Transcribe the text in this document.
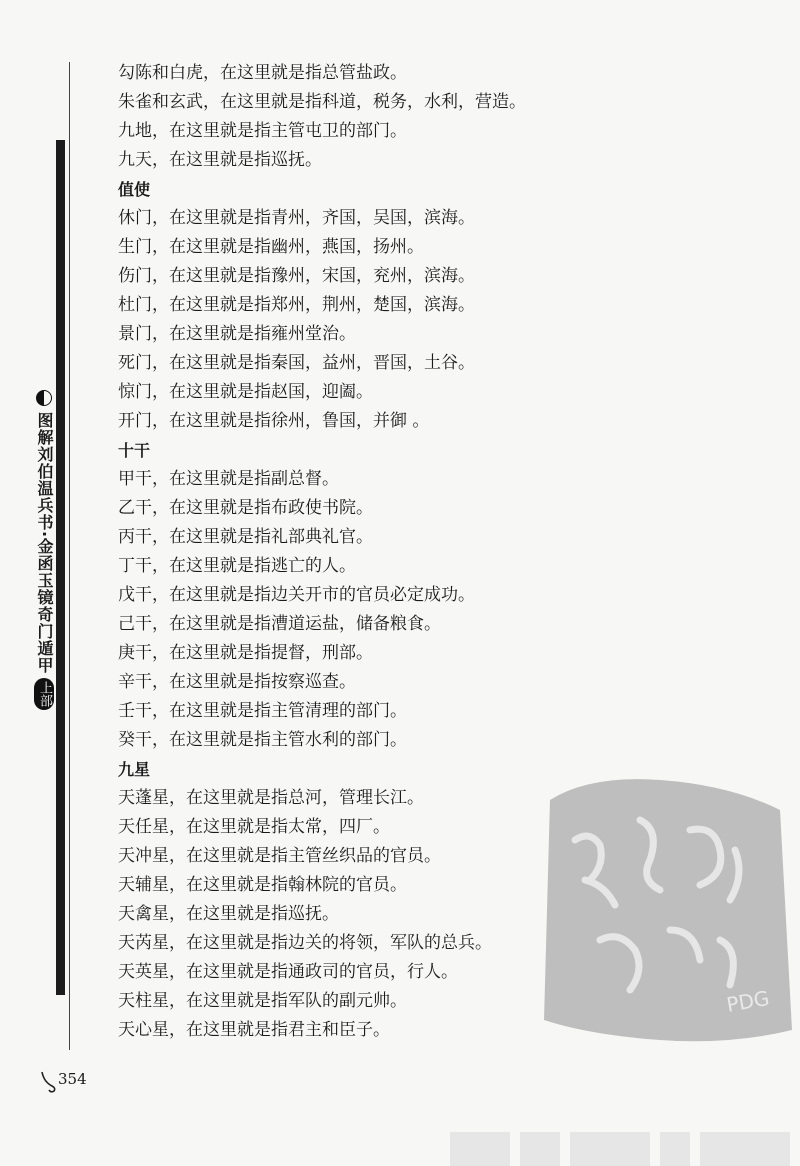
图解刘伯温兵书·金函玉镜奇门遁甲
上部
勾陈和白虎，在这里就是指总管盐政。
朱雀和玄武，在这里就是指科道，税务，水利，营造。
九地，在这里就是指主管屯卫的部门。
九天，在这里就是指巡抚。
值使
休门，在这里就是指青州，齐国，吴国，滨海。
生门，在这里就是指幽州，燕国，扬州。
伤门，在这里就是指豫州，宋国，兖州，滨海。
杜门，在这里就是指郑州，荆州，楚国，滨海。
景门，在这里就是指雍州堂治。
死门，在这里就是指秦国，益州，晋国，土谷。
惊门，在这里就是指赵国，迎阖。
开门，在这里就是指徐州，鲁国，并御 。
十干
甲干，在这里就是指副总督。
乙干，在这里就是指布政使书院。
丙干，在这里就是指礼部典礼官。
丁干，在这里就是指逃亡的人。
戊干，在这里就是指边关开市的官员必定成功。
己干，在这里就是指漕道运盐，储备粮食。
庚干，在这里就是指提督，刑部。
辛干，在这里就是指按察巡查。
壬干，在这里就是指主管清理的部门。
癸干，在这里就是指主管水利的部门。
九星
天蓬星，在这里就是指总河，管理长江。
天任星，在这里就是指太常，四厂。
天冲星，在这里就是指主管丝织品的官员。
天辅星，在这里就是指翰林院的官员。
天禽星，在这里就是指巡抚。
天芮星，在这里就是指边关的将领，军队的总兵。
天英星，在这里就是指通政司的官员，行人。
天柱星，在这里就是指军队的副元帅。
天心星，在这里就是指君主和臣子。
354
PDG
